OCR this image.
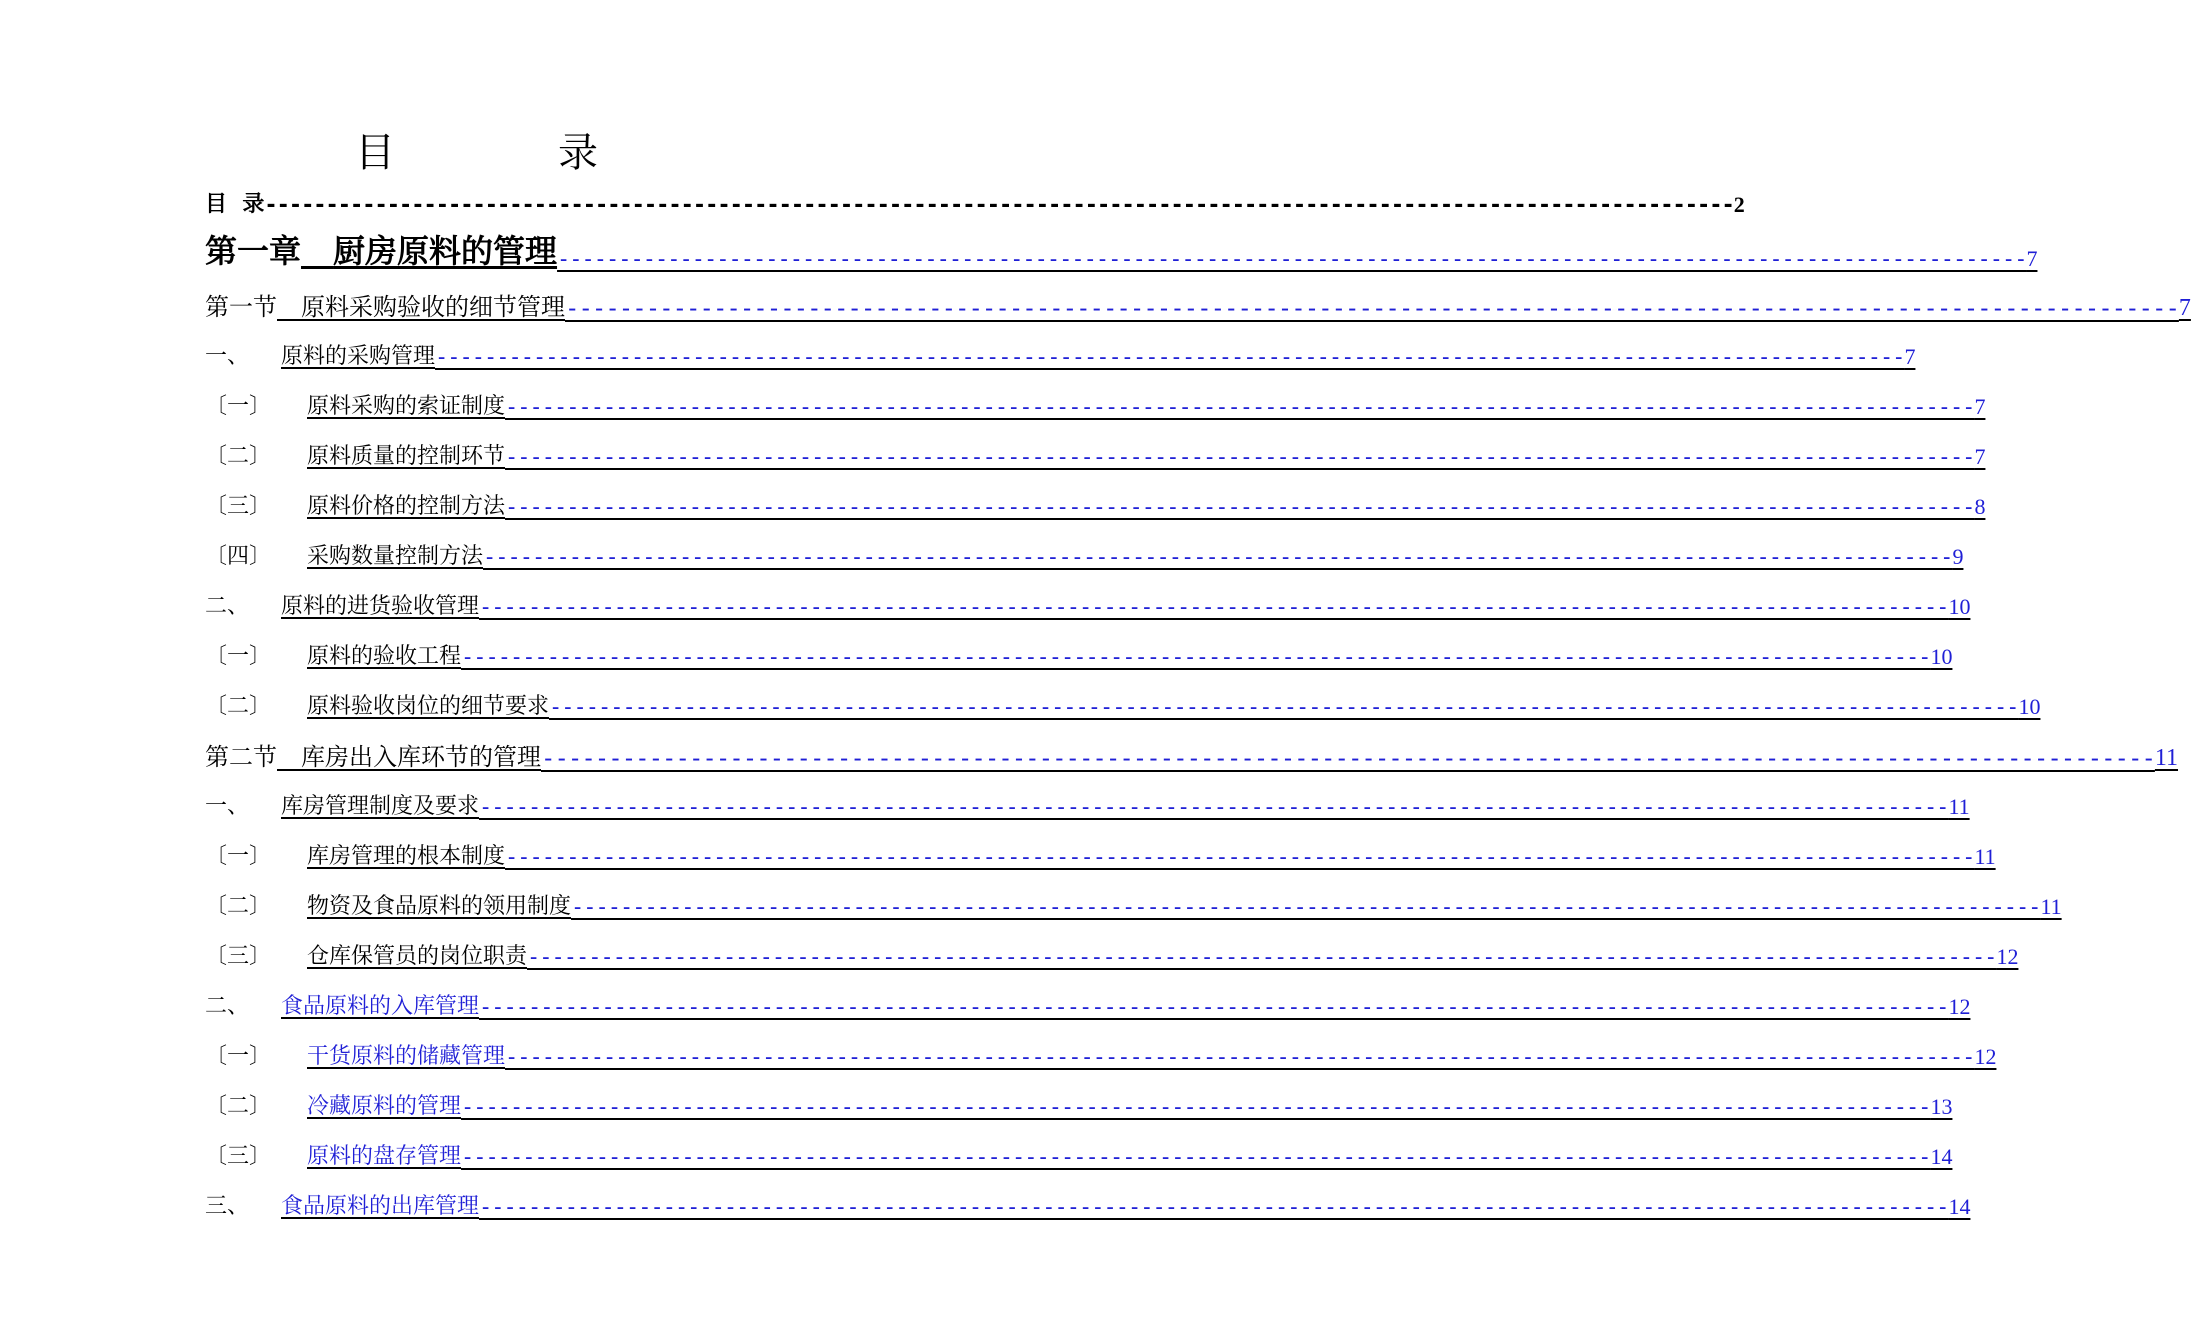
目	录
目  录 ------------------------------------------------------------------------------------------------------------------------ 2
第一章　 厨房原料的管理 ------------------------------------------------------------------------------------------------------------------------ 7
第一节　 原料采购验收的细节管理 ------------------------------------------------------------------------------------------------------------------------ 7
一、 原料的采购管理 ------------------------------------------------------------------------------------------------------------------------ 7
〔一〕 原料采购的索证制度 ------------------------------------------------------------------------------------------------------------------------ 7
〔二〕 原料质量的控制环节 ------------------------------------------------------------------------------------------------------------------------ 7
〔三〕 原料价格的控制方法 ------------------------------------------------------------------------------------------------------------------------ 8
〔四〕 采购数量控制方法 ------------------------------------------------------------------------------------------------------------------------ 9
二、 原料的进货验收管理 ------------------------------------------------------------------------------------------------------------------------ 10
〔一〕 原料的验收工程 ------------------------------------------------------------------------------------------------------------------------ 10
〔二〕 原料验收岗位的细节要求 ------------------------------------------------------------------------------------------------------------------------ 10
第二节　 库房出入库环节的管理 ------------------------------------------------------------------------------------------------------------------------ 11
一、 库房管理制度及要求 ------------------------------------------------------------------------------------------------------------------------ 11
〔一〕 库房管理的根本制度 ------------------------------------------------------------------------------------------------------------------------ 11
〔二〕 物资及食品原料的领用制度 ------------------------------------------------------------------------------------------------------------------------ 11
〔三〕 仓库保管员的岗位职责 ------------------------------------------------------------------------------------------------------------------------ 12
二、 食品原料的入库管理 ------------------------------------------------------------------------------------------------------------------------ 12
〔一〕 干货原料的储藏管理 ------------------------------------------------------------------------------------------------------------------------ 12
〔二〕 冷藏原料的管理 ------------------------------------------------------------------------------------------------------------------------ 13
〔三〕 原料的盘存管理 ------------------------------------------------------------------------------------------------------------------------ 14
三、 食品原料的出库管理 ------------------------------------------------------------------------------------------------------------------------ 14
